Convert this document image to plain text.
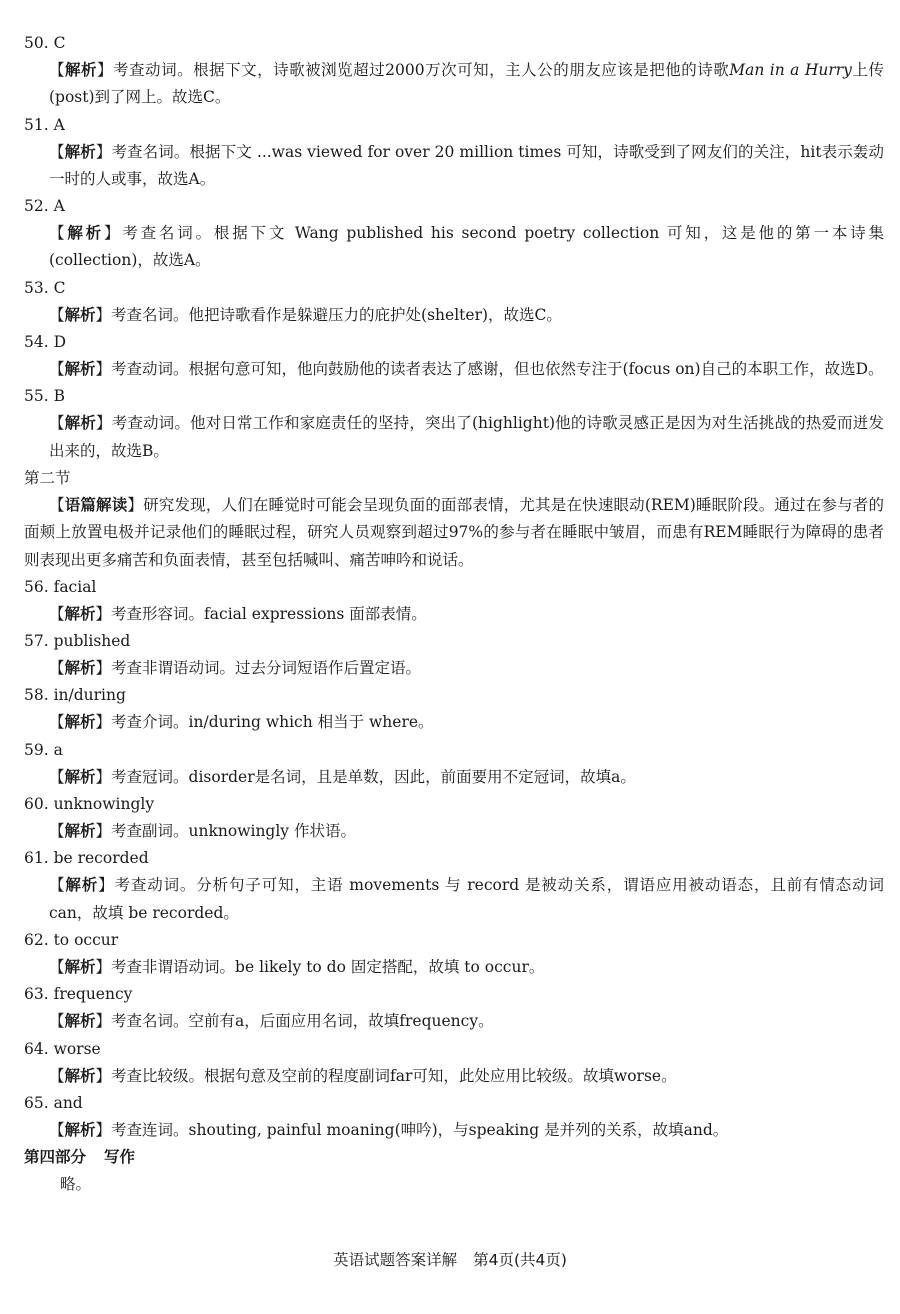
50. C
【解析】考查动词。根据下文，诗歌被浏览超过2000万次可知，主人公的朋友应该是把他的诗歌Man in a Hurry上传(post)到了网上。故选C。
51. A
【解析】考查名词。根据下文 ...was viewed for over 20 million times 可知，诗歌受到了网友们的关注，hit表示轰动一时的人或事，故选A。
52. A
【解析】考查名词。根据下文 Wang published his second poetry collection 可知，这是他的第一本诗集(collection)，故选A。
53. C
【解析】考查名词。他把诗歌看作是躲避压力的庇护处(shelter)，故选C。
54. D
【解析】考查动词。根据句意可知，他向鼓励他的读者表达了感谢，但也依然专注于(focus on)自己的本职工作，故选D。
55. B
【解析】考查动词。他对日常工作和家庭责任的坚持，突出了(highlight)他的诗歌灵感正是因为对生活挑战的热爱而迸发出来的，故选B。
第二节
【语篇解读】研究发现，人们在睡觉时可能会呈现负面的面部表情，尤其是在快速眼动(REM)睡眠阶段。通过在参与者的面颊上放置电极并记录他们的睡眠过程，研究人员观察到超过97%的参与者在睡眠中皱眉，而患有REM睡眠行为障碍的患者则表现出更多痛苦和负面表情，甚至包括喊叫、痛苦呻吟和说话。
56. facial
【解析】考查形容词。facial expressions 面部表情。
57. published
【解析】考查非谓语动词。过去分词短语作后置定语。
58. in/during
【解析】考查介词。in/during which 相当于 where。
59. a
【解析】考查冠词。disorder是名词，且是单数，因此，前面要用不定冠词，故填a。
60. unknowingly
【解析】考查副词。unknowingly 作状语。
61. be recorded
【解析】考查动词。分析句子可知，主语 movements 与 record 是被动关系，谓语应用被动语态，且前有情态动词can，故填 be recorded。
62. to occur
【解析】考查非谓语动词。be likely to do 固定搭配，故填 to occur。
63. frequency
【解析】考查名词。空前有a，后面应用名词，故填frequency。
64. worse
【解析】考查比较级。根据句意及空前的程度副词far可知，此处应用比较级。故填worse。
65. and
【解析】考查连词。shouting, painful moaning(呻吟)，与speaking 是并列的关系，故填and。
第四部分 写作
略。
英语试题答案详解 第4页(共4页)
